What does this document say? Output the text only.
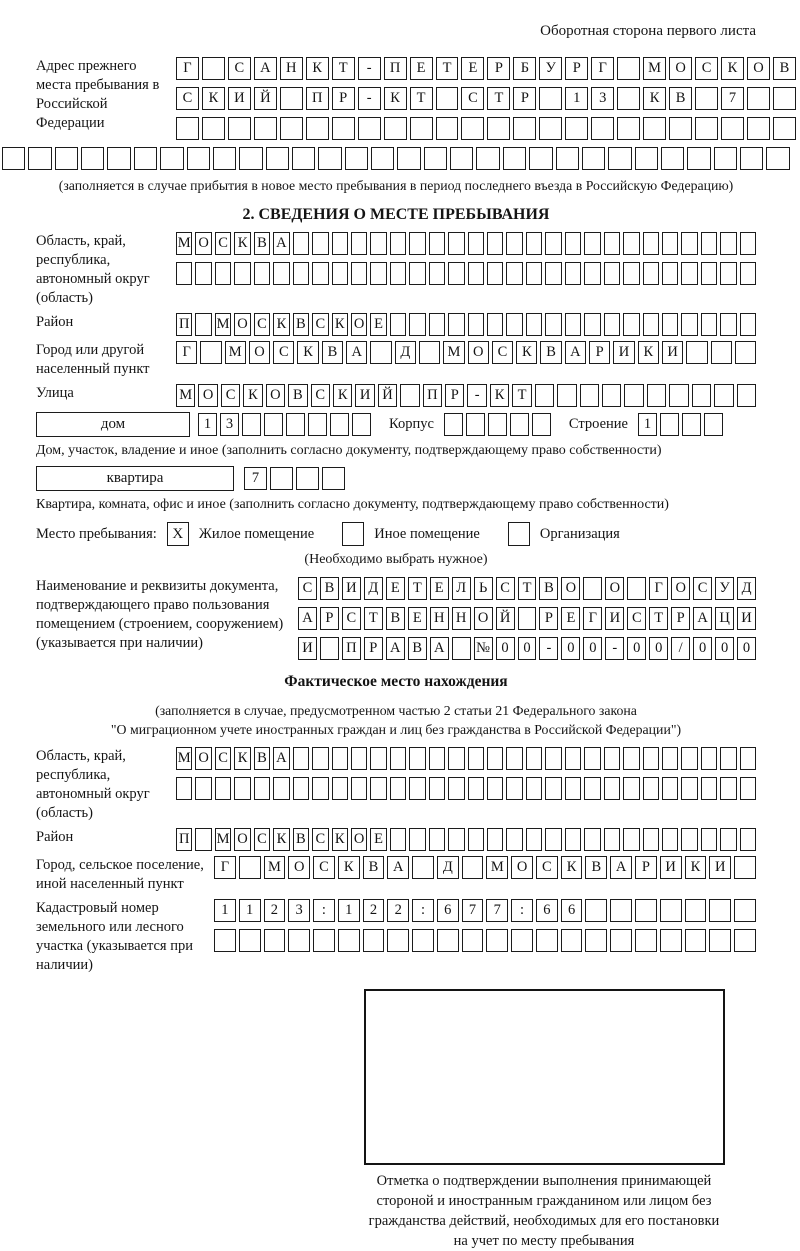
Оборотная сторона первого листа
Адрес прежнего места пребывания в Российской Федерации
Г	С	А	Н	К	Т	-	П	Е	Т	Е	Р	Б	У	Р	Г	М О	С	К	О	В
С	К	И	Й	П	Р	-	К	Т	С	Т	Р	1	3	К	В	7
(заполняется в случае прибытия в новое место пребывания в период последнего въезда в Российскую Федерацию)
2. СВЕДЕНИЯ О МЕСТЕ ПРЕБЫВАНИЯ
Область, край, республика, автономный округ (область)
М О С К В А
Район	П М О С К В С К О Е
Город или другой населенный пункт
Г	М О С	К	В А	Д	М О С	К	В А	Р	И К И
Улица	М О С К О В С К И Й	П Р	-	К Т
дом	1	3	Корпус	Строение	1
Дом, участок, владение и иное (заполнить согласно документу, подтверждающему право собственности)
квартира	7
Квартира, комната, офис и иное (заполнить согласно документу, подтверждающему право собственности)
Место пребывания:	X	Жилое помещение	Иное помещение	Организация
(Необходимо выбрать нужное)
Наименование и реквизиты документа, подтверждающего право пользования помещением (строением, сооружением) (указывается при наличии)
С В И Д Е Т Е Л Ь С Т В О О	Г О С У Д
А Р С Т В Е Н Н О Й	Р Е Г И С Т Р А Ц И
И П Р А В А № 0	0	-	0	0	-	0	0	/	0	0	0
Фактическое место нахождения
(заполняется в случае, предусмотренном частью 2 статьи 21 Федерального закона
"О миграционном учете иностранных граждан и лиц без гражданства в Российской Федерации")
Область, край, республика, автономный округ (область)
М О С К В А
Район	П М О С К В С К О Е
Город, сельское поселение, иной населенный пункт
Г	М О	С	К	В	А	Д	М О	С	К	В	А	Р	И	К	И
Кадастровый номер земельного или лесного участка (указывается при наличии)
1	1	2	3	:	1	2	2	:	6	7	7	:	6	6
Отметка о подтверждении выполнения принимающей
стороной и иностранным гражданином или лицом без
гражданства действий, необходимых для его постановки
на учет по месту пребывания
